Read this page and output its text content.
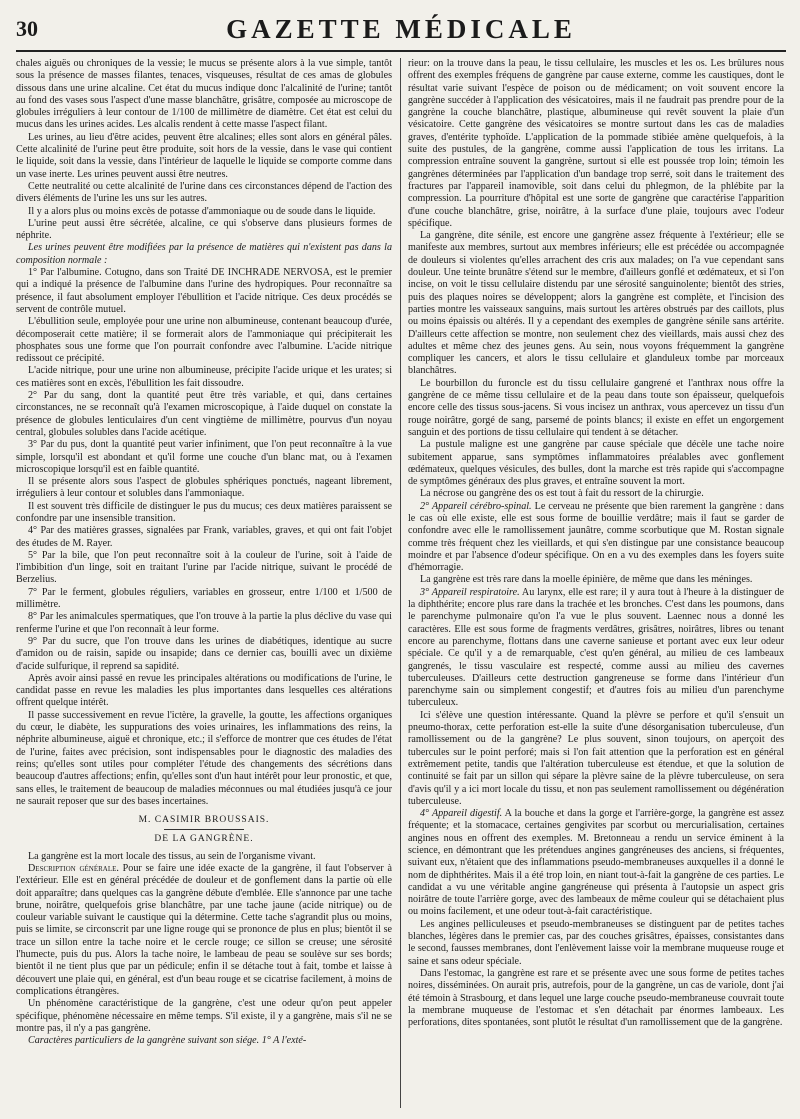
30	GAZETTE MÉDICALE

chales aiguës ou chroniques de la vessie; le mucus se présente alors à la vue simple, tantôt sous la présence de masses filantes, tenaces, visqueuses, résultat de ces amas de globules dissous dans une urine alcaline. Cet état du mucus indique donc l'alcalinité de l'urine; tantôt au fond des vases sous l'aspect d'une masse blanchâtre, grisâtre, composée au microscope de globules irréguliers à leur contour de 1/100 de millimètre de diamètre. Cet état est celui du mucus dans les urines acides. Les alcalis rendent à cette masse l'aspect filant.

Les urines, au lieu d'être acides, peuvent être alcalines; elles sont alors en général pâles. Cette alcalinité de l'urine peut être produite, soit hors de la vessie, dans le vase qui contient le liquide, soit dans la vessie, dans l'intérieur de laquelle le liquide se comporte comme dans un vase inerte. Les urines peuvent aussi être neutres.

Cette neutralité ou cette alcalinité de l'urine dans ces circonstances dépend de l'action des divers éléments de l'urine les uns sur les autres.

Il y a alors plus ou moins excès de potasse d'ammoniaque ou de soude dans le liquide.

L'urine peut aussi être sécrétée, alcaline, ce qui s'observe dans plusieurs formes de néphrite.

Les urines peuvent être modifiées par la présence de matières qui n'existent pas dans la composition normale :

1° Par l'albumine. Cotugno, dans son Traité DE INCHRADE NERVOSA, est le premier qui a indiqué la présence de l'albumine dans l'urine des hydropiques. Pour reconnaître sa présence, il faut absolument employer l'ébullition et l'acide nitrique. Ces deux procédés se servent de contrôle mutuel.

L'ébullition seule, employée pour une urine non albumineuse, contenant beaucoup d'urée, décomposerait cette matière; il se formerait alors de l'ammoniaque qui précipiterait les phosphates sous une forme que l'on pourrait confondre avec l'albumine. L'acide nitrique redissout ce précipité.

L'acide nitrique, pour une urine non albumineuse, précipite l'acide urique et les urates; si ces matières sont en excès, l'ébullition les fait dissoudre.

2° Par du sang, dont la quantité peut être très variable, et qui, dans certaines circonstances, ne se reconnaît qu'à l'examen microscopique, à l'aide duquel on constate la présence de globules lenticulaires d'un cent vingtième de millimètre, pourvus d'un noyau central, globules solubles dans l'acide acétique.

3° Par du pus, dont la quantité peut varier infiniment, que l'on peut reconnaître à la vue simple, lorsqu'il est abondant et qu'il forme une couche d'un blanc mat, ou à l'examen microscopique lorsqu'il est en faible quantité.

Il se présente alors sous l'aspect de globules sphériques ponctués, nageant librement, irréguliers à leur contour et solubles dans l'ammoniaque.

Il est souvent très difficile de distinguer le pus du mucus; ces deux matières paraissent se confondre par une insensible transition.

4° Par des matières grasses, signalées par Frank, variables, graves, et qui ont fait l'objet des études de M. Rayer.

5° Par la bile, que l'on peut reconnaître soit à la couleur de l'urine, soit à l'aide de l'imbibition d'un linge, soit en traitant l'urine par l'acide nitrique, suivant le procédé de Berzelius.

7° Par le ferment, globules réguliers, variables en grosseur, entre 1/100 et 1/500 de millimètre.

8° Par les animalcules spermatiques, que l'on trouve à la partie la plus déclive du vase qui renferme l'urine et que l'on reconnaît à leur forme.

9° Par du sucre, que l'on trouve dans les urines de diabétiques, identique au sucre d'amidon ou de raisin, sapide ou insapide; dans ce dernier cas, bouilli avec un dixième d'acide sulfurique, il reprend sa sapidité.

Après avoir ainsi passé en revue les principales altérations ou modifications de l'urine, le candidat passe en revue les maladies les plus importantes dans lesquelles ces altérations offrent quelque intérêt.

Il passe successivement en revue l'ictère, la gravelle, la goutte, les affections organiques du cœur, le diabète, les suppurations des voies urinaires, les inflammations des reins, la néphrite albumineuse, aiguë et chronique, etc.; il s'efforce de montrer que ces études de l'état de l'urine, faites avec précision, sont indispensables pour le diagnostic des maladies des reins; qu'elles sont utiles pour compléter l'étude des changements des sécrétions dans beaucoup d'autres affections; enfin, qu'elles sont d'un haut intérêt pour leur pronostic, et que, sans elles, le traitement de beaucoup de maladies méconnues ou mal étudiées jusqu'à ce jour ne saurait reposer que sur des bases incertaines.

M. CASIMIR BROUSSAIS.
DE LA GANGRÈNE.

La gangrène est la mort locale des tissus, au sein de l'organisme vivant.

Description générale. Pour se faire une idée exacte de la gangrène, il faut l'observer à l'extérieur. Elle est en général précédée de douleur et de gonflement dans la partie où elle doit apparaître; dans quelques cas la gangrène débute d'emblée. Elle s'annonce par une tache brune, noirâtre, quelquefois grise blanchâtre, par une tache jaune (acide nitrique) ou de couleur variable suivant le caustique qui la détermine. Cette tache s'agrandit plus ou moins, puis se limite, se circonscrit par une ligne rouge qui se prononce de plus en plus; bientôt il se trace un sillon entre la tache noire et le cercle rouge; ce sillon se creuse; une sérosité l'humecte, puis du pus. Alors la tache noire, le lambeau de peau se soulève sur ses bords; bientôt il ne tient plus que par un pédicule; enfin il se détache tout à fait, tombe et laisse à découvert une plaie qui, en général, est d'un beau rouge et se cicatrise facilement, à moins de complications étrangères.

Un phénomène caractéristique de la gangrène, c'est une odeur qu'on peut appeler spécifique, phénomène nécessaire en même temps. S'il existe, il y a gangrène, mais s'il ne se montre pas, il n'y a pas gangrène.

Caractères particuliers de la gangrène suivant son siége. 1° A l'exté-

rieur: on la trouve dans la peau, le tissu cellulaire, les muscles et les os. Les brûlures nous offrent des exemples fréquens de gangrène par cause externe, comme les caustiques, dont le résultat varie suivant l'espèce de poison ou de médicament; on voit souvent encore la gangrène succéder à l'application des vésicatoires, mais il ne faudrait pas prendre pour de la gangrène la couche blanchâtre, plastique, albumineuse qui revêt souvent la plaie d'un vésicatoire. Cette gangrène des vésicatoires se montre surtout dans les cas de maladies graves, d'entérite typhoïde. L'application de la pommade stibiée amène quelquefois, à la suite des pustules, de la gangrène, comme aussi l'application de tous les irritans. La compression entraîne souvent la gangrène, surtout si elle est poussée trop loin; témoin les gangrènes déterminées par l'application d'un bandage trop serré, soit dans le traitement des fractures par l'appareil inamovible, soit dans celui du phlegmon, de la phlébite par la compression. La pourriture d'hôpital est une sorte de gangrène que caractérise l'apparition d'une couche blanchâtre, grise, noirâtre, à la surface d'une plaie, toujours avec l'odeur spécifique.

La gangrène, dite sénile, est encore une gangrène assez fréquente à l'extérieur; elle se manifeste aux membres, surtout aux membres inférieurs; elle est précédée ou accompagnée de douleurs si violentes qu'elles arrachent des cris aux malades; on l'a vue cependant sans douleur. Une teinte brunâtre s'étend sur le membre, d'ailleurs gonflé et œdémateux, et si l'on incise, on voit le tissu cellulaire distendu par une sérosité sanguinolente; bientôt des stries, puis des plaques noires se développent; alors la gangrène est complète, et l'incision des parties montre les vaisseaux sanguins, mais surtout les artères obstrués par des caillots, plus ou moins épaissis ou altérés. Il y a cependant des exemples de gangrène sénile sans artérite. D'ailleurs cette affection se montre, non seulement chez des vieillards, mais aussi chez des adultes et même chez des jeunes gens. Au sein, nous voyons fréquemment la gangrène compliquer les cancers, et alors le tissu cellulaire et glanduleux tombe par morceaux blanchâtres.

Le bourbillon du furoncle est du tissu cellulaire gangrené et l'anthrax nous offre la gangrène de ce même tissu cellulaire et de la peau dans toute son épaisseur, quelquefois encore celle des tissus sous-jacens. Si vous incisez un anthrax, vous apercevez un tissu d'un rouge noirâtre, gorgé de sang, parsemé de points blancs; il existe en effet un engorgement sanguin et des portions de tissu cellulaire qui tendent à se détacher.

La pustule maligne est une gangrène par cause spéciale que décèle une tache noire subitement apparue, sans symptômes inflammatoires préalables avec gonflement œdémateux, quelques vésicules, des bulles, dont la marche est très rapide qui s'accompagne de symptômes généraux des plus graves, et entraîne souvent la mort.

La nécrose ou gangrène des os est tout à fait du ressort de la chirurgie.

2° Appareil cérébro-spinal. Le cerveau ne présente que bien rarement la gangrène : dans le cas où elle existe, elle est sous forme de bouillie verdâtre; mais il faut se garder de confondre avec elle le ramollissement jaunâtre, comme scorbutique que M. Rostan signale comme très fréquent chez les vieillards, et qui s'en distingue par une consistance beaucoup moindre et par l'absence d'odeur spécifique. On en a vu des exemples dans les foyers suite d'hémorragie.

La gangrène est très rare dans la moelle épinière, de même que dans les méninges.

3° Appareil respiratoire. Au larynx, elle est rare; il y aura tout à l'heure à la distinguer de la diphthérite; encore plus rare dans la trachée et les bronches. C'est dans les poumons, dans le parenchyme pulmonaire qu'on l'a vue le plus souvent. Laennec nous a donné les caractères. Elle est sous forme de fragments verdâtres, grisâtres, noirâtres, libres ou tenant encore au parenchyme, flottans dans une caverne sanieuse et portant avec eux leur odeur spéciale. Ce qu'il y a de remarquable, c'est qu'en général, au milieu de ces lambeaux gangrenés, le tissu vasculaire est respecté, comme aussi au milieu des cavernes tuberculeuses. D'ailleurs cette destruction gangreneuse se forme dans l'intérieur d'un parenchyme sain ou simplement congestif; et d'autres fois au milieu d'un parenchyme tuberculeux.

Ici s'élève une question intéressante. Quand la plèvre se perfore et qu'il s'ensuit un pneumo-thorax, cette perforation est-elle la suite d'une désorganisation tuberculeuse, d'un ramollissement ou de la gangrène? Le plus souvent, sinon toujours, on aperçoit des tubercules sur le point perforé; mais si l'on fait attention que la perforation est en général extrêmement petite, tandis que l'altération tuberculeuse est étendue, et que la solution de continuité se fait par un sillon qui sépare la plèvre saine de la plèvre tuberculeuse, on sera d'avis qu'il y a ici mort locale du tissu, et non pas seulement ramollissement ou dégénération tuberculeuse.

4° Appareil digestif. A la bouche et dans la gorge et l'arrière-gorge, la gangrène est assez fréquente; et la stomacace, certaines gengivites par scorbut ou mercurialisation, certaines angines nous en offrent des exemples. M. Bretonneau a rendu un service éminent à la science, en démontrant que les prétendues angines gangréneuses des anciens, si fréquentes, suivant eux, n'étaient que des inflammations pseudo-membraneuses auxquelles il a donné le nom de diphthérites. Mais il a été trop loin, en niant tout-à-fait la gangrène de ces parties. Le candidat a vu une véritable angine gangréneuse qui présenta à l'autopsie un aspect gris noirâtre de toute l'arrière gorge, avec des lambeaux de même couleur qui se détachaient plus ou moins facilement, et une odeur tout-à-fait caractéristique.

Les angines pelliculeuses et pseudo-membraneuses se distinguent par de petites taches blanches, légères dans le premier cas, par des couches grisâtres, épaisses, consistantes dans le second, fausses membranes, dont l'enlèvement laisse voir la membrane muqueuse rouge et saine et sans odeur spéciale.

Dans l'estomac, la gangrène est rare et se présente avec une sous forme de petites taches noires, disséminées. On aurait pris, autrefois, pour de la gangrène, un cas de variole, dont j'ai été témoin à Strasbourg, et dans lequel une large couche pseudo-membraneuse couvrait toute la membrane muqueuse de l'estomac et s'en détachait par énormes lambeaux. Les perforations, dites spontanées, sont plutôt le résultat d'un ramollissement que de la gangrène.
